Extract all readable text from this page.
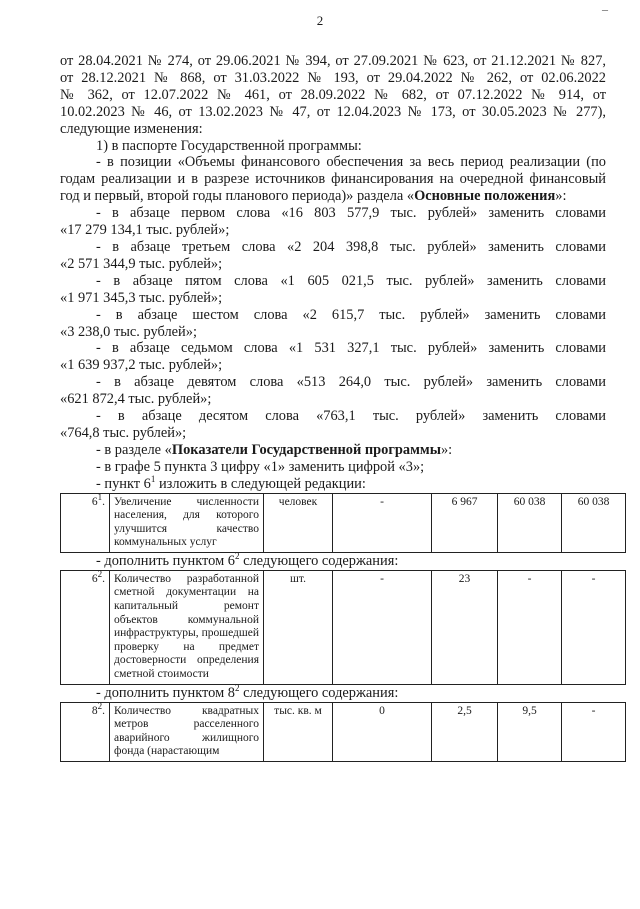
–
2

от 28.04.2021 № 274, от 29.06.2021 № 394, от 27.09.2021 № 623, от 21.12.2021 № 827,

от 28.12.2021 № 868, от 31.03.2022 № 193, от 29.04.2022 № 262, от 02.06.2022

№ 362, от 12.07.2022 № 461, от 28.09.2022 № 682, от 07.12.2022 № 914, от

10.02.2023 № 46, от 13.02.2023 № 47, от 12.04.2023 № 173, от 30.05.2023 № 277),

следующие изменения:

1) в паспорте Государственной программы:

- в позиции «Объемы финансового обеспечения за весь период реализации (по годам реализации и в разрезе источников финансирования на очередной финансовый год и первый, второй годы планового периода)» раздела «Основные положения»:

- в абзаце первом слова «16 803 577,9 тыс. рублей» заменить словами

«17 279 134,1 тыс. рублей»;

- в абзаце третьем слова «2 204 398,8 тыс. рублей» заменить словами

«2 571 344,9 тыс. рублей»;

- в абзаце пятом слова «1 605 021,5 тыс. рублей» заменить словами

«1 971 345,3 тыс. рублей»;

- в абзаце шестом слова «2 615,7 тыс. рублей» заменить словами

«3 238,0 тыс. рублей»;

- в абзаце седьмом слова «1 531 327,1 тыс. рублей» заменить словами

«1 639 937,2 тыс. рублей»;

- в абзаце девятом слова «513 264,0 тыс. рублей» заменить словами

«621 872,4 тыс. рублей»;

- в абзаце десятом слова «763,1 тыс. рублей» заменить словами

«764,8 тыс. рублей»;

- в разделе «Показатели Государственной программы»:

- в графе 5 пункта 3 цифру «1» заменить цифрой «3»;

- пункт $6^1$ изложить в следующей редакции:

$6^1$.	Увеличение численности населения, для которого улучшится качество коммунальных услуг	человек	-	6 967	60 038	60 038

- дополнить пунктом $6^2$ следующего содержания:

$6^2$.	Количество разработанной сметной документации на капитальный ремонт объектов коммунальной инфраструктуры, прошедшей проверку на предмет достоверности определения сметной стоимости	шт.	-	23	-	-

- дополнить пунктом $8^2$ следующего содержания:

$8^2$.	Количество квадратных метров расселенного аварийного жилищного фонда (нарастающим	тыс. кв. м	0	2,5	9,5	-
